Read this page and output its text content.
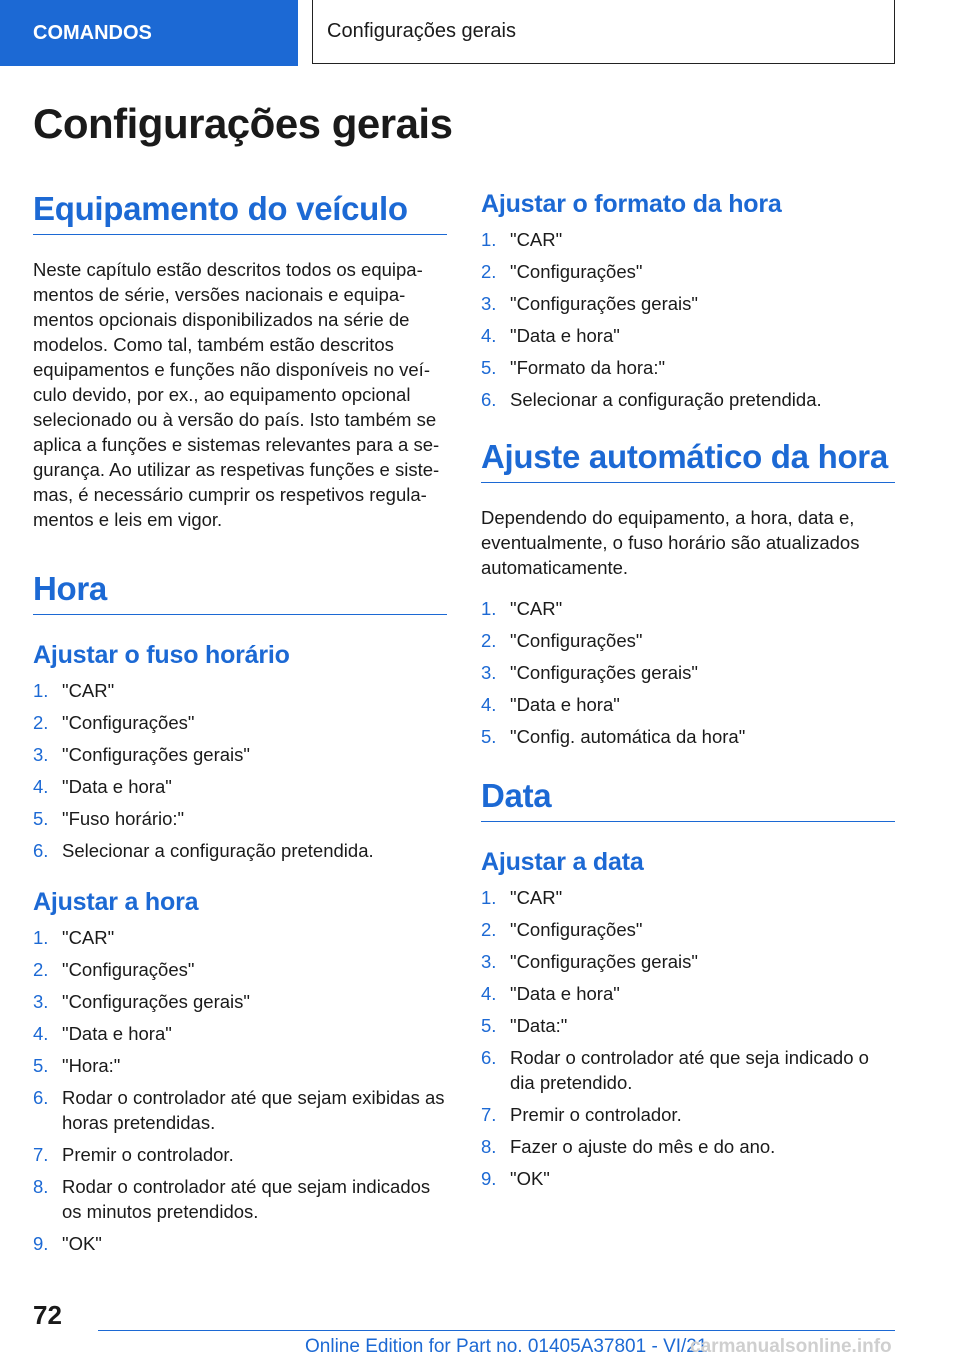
COMANDOS	Configurações gerais
Configurações gerais
Equipamento do veículo

Neste capítulo estão descritos todos os equipamentos de série, versões nacionais e equipamentos opcionais disponibilizados na série de modelos. Como tal, também estão descritos equipamentos e funções não disponíveis no veículo devido, por ex., ao equipamento opcional selecionado ou à versão do país. Isto também se aplica a funções e sistemas relevantes para a segurança. Ao utilizar as respetivas funções e sistemas, é necessário cumprir os respetivos regulamentos e leis em vigor.

Hora
Ajustar o fuso horário
1. "CAR"
2. "Configurações"
3. "Configurações gerais"
4. "Data e hora"
5. "Fuso horário:"
6. Selecionar a configuração pretendida.
Ajustar a hora
1. "CAR"
2. "Configurações"
3. "Configurações gerais"
4. "Data e hora"
5. "Hora:"
6. Rodar o controlador até que sejam exibidas as horas pretendidas.
7. Premir o controlador.
8. Rodar o controlador até que sejam indicados os minutos pretendidos.
9. "OK"
Ajustar o formato da hora
1. "CAR"
2. "Configurações"
3. "Configurações gerais"
4. "Data e hora"
5. "Formato da hora:"
6. Selecionar a configuração pretendida.
Ajuste automático da hora

Dependendo do equipamento, a hora, data e, eventualmente, o fuso horário são atualizados automaticamente.

1. "CAR"
2. "Configurações"
3. "Configurações gerais"
4. "Data e hora"
5. "Config. automática da hora"
Data
Ajustar a data
1. "CAR"
2. "Configurações"
3. "Configurações gerais"
4. "Data e hora"
5. "Data:"
6. Rodar o controlador até que seja indicado o dia pretendido.
7. Premir o controlador.
8. Fazer o ajuste do mês e do ano.
9. "OK"
72
Online Edition for Part no. 01405A37801 - VI/21
carmanualsonline.info
